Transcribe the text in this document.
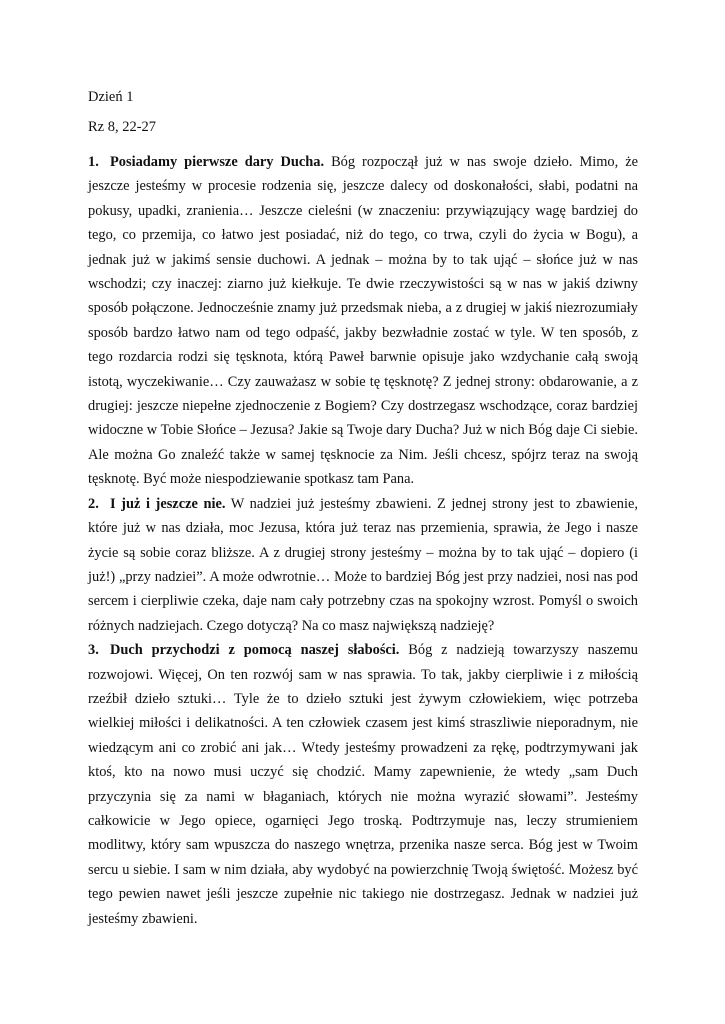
Dzień 1

Rz 8, 22-27

1. Posiadamy pierwsze dary Ducha. Bóg rozpoczął już w nas swoje dzieło. Mimo, że jeszcze jesteśmy w procesie rodzenia się, jeszcze dalecy od doskonałości, słabi, podatni na pokusy, upadki, zranienia… Jeszcze cieleśni (w znaczeniu: przywiązujący wagę bardziej do tego, co przemija, co łatwo jest posiadać, niż do tego, co trwa, czyli do życia w Bogu), a jednak już w jakimś sensie duchowi. A jednak – można by to tak ująć – słońce już w nas wschodzi; czy inaczej: ziarno już kiełkuje. Te dwie rzeczywistości są w nas w jakiś dziwny sposób połączone. Jednocześnie znamy już przedsmak nieba, a z drugiej w jakiś niezrozumiały sposób bardzo łatwo nam od tego odpaść, jakby bezwładnie zostać w tyle. W ten sposób, z tego rozdarcia rodzi się tęsknota, którą Paweł barwnie opisuje jako wzdychanie całą swoją istotą, wyczekiwanie… Czy zauważasz w sobie tę tęsknotę? Z jednej strony: obdarowanie, a z drugiej: jeszcze niepełne zjednoczenie z Bogiem? Czy dostrzegasz wschodzące, coraz bardziej widoczne w Tobie Słońce – Jezusa? Jakie są Twoje dary Ducha? Już w nich Bóg daje Ci siebie. Ale można Go znaleźć także w samej tęsknocie za Nim. Jeśli chcesz, spójrz teraz na swoją tęsknotę. Być może niespodziewanie spotkasz tam Pana.

2. I już i jeszcze nie. W nadziei już jesteśmy zbawieni. Z jednej strony jest to zbawienie, które już w nas działa, moc Jezusa, która już teraz nas przemienia, sprawia, że Jego i nasze życie są sobie coraz bliższe. A z drugiej strony jesteśmy – można by to tak ująć – dopiero (i już!) „przy nadziei”. A może odwrotnie… Może to bardziej Bóg jest przy nadziei, nosi nas pod sercem i cierpliwie czeka, daje nam cały potrzebny czas na spokojny wzrost. Pomyśl o swoich różnych nadziejach. Czego dotyczą? Na co masz największą nadzieję?

3. Duch przychodzi z pomocą naszej słabości. Bóg z nadzieją towarzyszy naszemu rozwojowi. Więcej, On ten rozwój sam w nas sprawia. To tak, jakby cierpliwie i z miłością rzeźbił dzieło sztuki… Tyle że to dzieło sztuki jest żywym człowiekiem, więc potrzeba wielkiej miłości i delikatności. A ten człowiek czasem jest kimś straszliwie nieporadnym, nie wiedzącym ani co zrobić ani jak… Wtedy jesteśmy prowadzeni za rękę, podtrzymywani jak ktoś, kto na nowo musi uczyć się chodzić. Mamy zapewnienie, że wtedy „sam Duch przyczynia się za nami w błaganiach, których nie można wyrazić słowami”. Jesteśmy całkowicie w Jego opiece, ogarnięci Jego troską. Podtrzymuje nas, leczy strumieniem modlitwy, który sam wpuszcza do naszego wnętrza, przenika nasze serca. Bóg jest w Twoim sercu u siebie. I sam w nim działa, aby wydobyć na powierzchnię Twoją świętość. Możesz być tego pewien nawet jeśli jeszcze zupełnie nic takiego nie dostrzegasz. Jednak w nadziei już jesteśmy zbawieni.
